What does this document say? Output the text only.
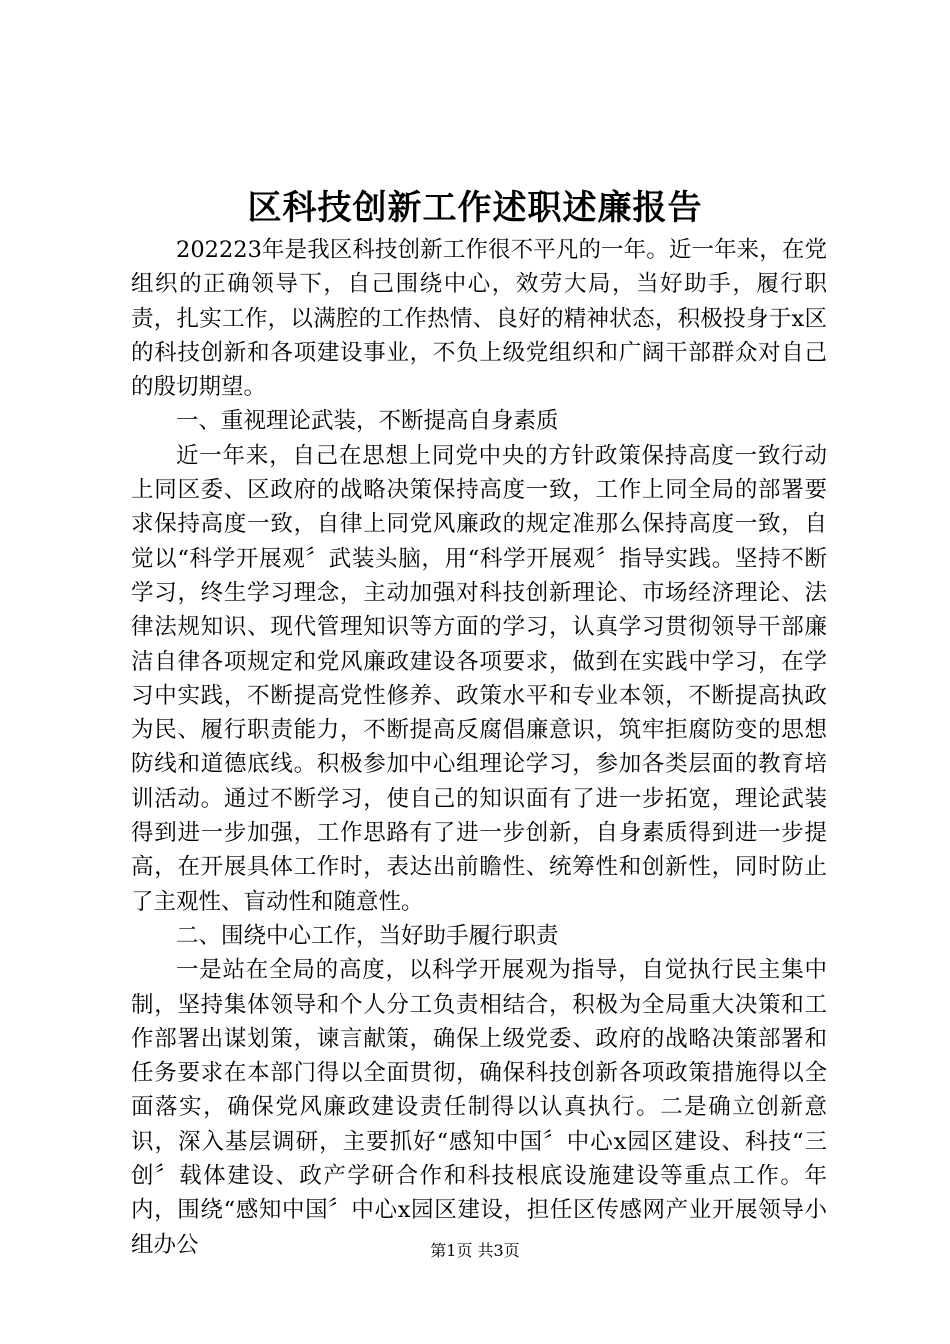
区科技创新工作述职述廉报告

202223年是我区科技创新工作很不平凡的一年。近一年来，在党组织的正确领导下，自己围绕中心，效劳大局，当好助手，履行职责，扎实工作，以满腔的工作热情、良好的精神状态，积极投身于x区的科技创新和各项建设事业，不负上级党组织和广阔干部群众对自己的殷切期望。

一、重视理论武装，不断提高自身素质

近一年来，自己在思想上同党中央的方针政策保持高度一致行动上同区委、区政府的战略决策保持高度一致，工作上同全局的部署要求保持高度一致，自律上同党风廉政的规定准那么保持高度一致，自觉以“科学开展观〞武装头脑，用“科学开展观〞指导实践。坚持不断学习，终生学习理念，主动加强对科技创新理论、市场经济理论、法律法规知识、现代管理知识等方面的学习，认真学习贯彻领导干部廉洁自律各项规定和党风廉政建设各项要求，做到在实践中学习，在学习中实践，不断提高党性修养、政策水平和专业本领，不断提高执政为民、履行职责能力，不断提高反腐倡廉意识，筑牢拒腐防变的思想防线和道德底线。积极参加中心组理论学习，参加各类层面的教育培训活动。通过不断学习，使自己的知识面有了进一步拓宽，理论武装得到进一步加强，工作思路有了进一步创新，自身素质得到进一步提高，在开展具体工作时，表达出前瞻性、统筹性和创新性，同时防止了主观性、盲动性和随意性。

二、围绕中心工作，当好助手履行职责

一是站在全局的高度，以科学开展观为指导，自觉执行民主集中制，坚持集体领导和个人分工负责相结合，积极为全局重大决策和工作部署出谋划策，谏言献策，确保上级党委、政府的战略决策部署和任务要求在本部门得以全面贯彻，确保科技创新各项政策措施得以全面落实，确保党风廉政建设责任制得以认真执行。二是确立创新意识，深入基层调研，主要抓好“感知中国〞中心x园区建设、科技“三创〞载体建设、政产学研合作和科技根底设施建设等重点工作。年内，围绕“感知中国〞中心x园区建设，担任区传感网产业开展领导小组办公	第1页 共3页
